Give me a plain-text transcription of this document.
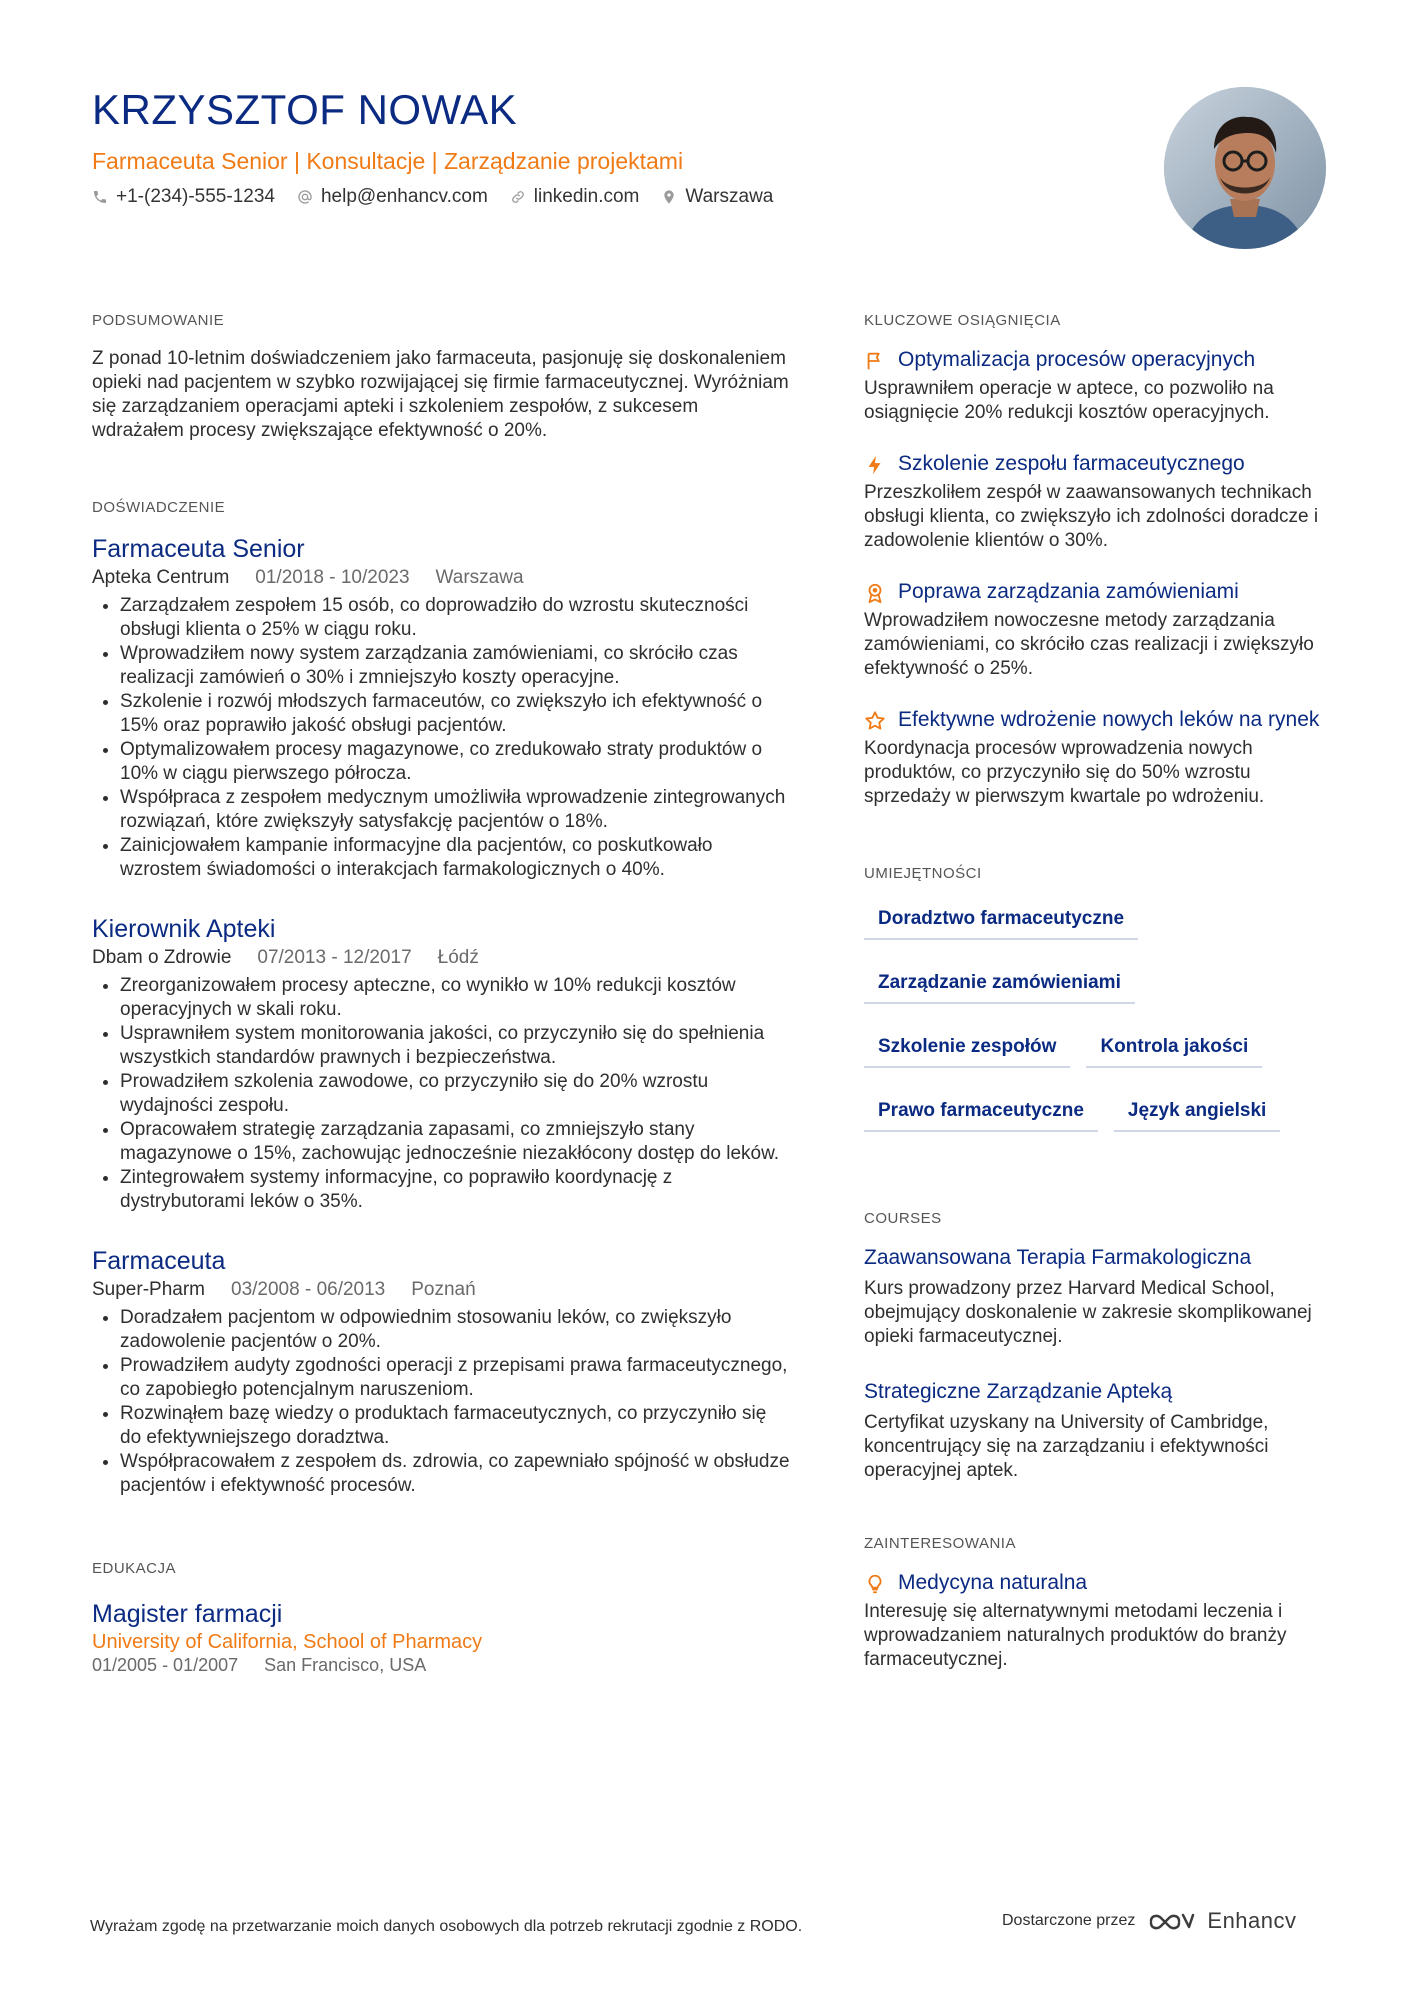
KRZYSZTOF NOWAK
Farmaceuta Senior | Konsultacje | Zarządzanie projektami
+1-(234)-555-1234 help@enhancv.com linkedin.com Warszawa
PODSUMOWANIE

Z ponad 10-letnim doświadczeniem jako farmaceuta, pasjonuję się doskonaleniem opieki nad pacjentem w szybko rozwijającej się firmie farmaceutycznej. Wyróżniam się zarządzaniem operacjami apteki i szkoleniem zespołów, z sukcesem wdrażałem procesy zwiększające efektywność o 20%.

DOŚWIADCZENIE
Farmaceuta Senior
Apteka Centrum 01/2018 - 10/2023 Warszawa
• Zarządzałem zespołem 15 osób, co doprowadziło do wzrostu skuteczności obsługi klienta o 25% w ciągu roku.
• Wprowadziłem nowy system zarządzania zamówieniami, co skróciło czas realizacji zamówień o 30% i zmniejszyło koszty operacyjne.
• Szkolenie i rozwój młodszych farmaceutów, co zwiększyło ich efektywność o 15% oraz poprawiło jakość obsługi pacjentów.
• Optymalizowałem procesy magazynowe, co zredukowało straty produktów o 10% w ciągu pierwszego półrocza.
• Współpraca z zespołem medycznym umożliwiła wprowadzenie zintegrowanych rozwiązań, które zwiększyły satysfakcję pacjentów o 18%.
• Zainicjowałem kampanie informacyjne dla pacjentów, co poskutkowało wzrostem świadomości o interakcjach farmakologicznych o 40%.
Kierownik Apteki
Dbam o Zdrowie 07/2013 - 12/2017 Łódź
• Zreorganizowałem procesy apteczne, co wynikło w 10% redukcji kosztów operacyjnych w skali roku.
• Usprawniłem system monitorowania jakości, co przyczyniło się do spełnienia wszystkich standardów prawnych i bezpieczeństwa.
• Prowadziłem szkolenia zawodowe, co przyczyniło się do 20% wzrostu wydajności zespołu.
• Opracowałem strategię zarządzania zapasami, co zmniejszyło stany magazynowe o 15%, zachowując jednocześnie niezakłócony dostęp do leków.
• Zintegrowałem systemy informacyjne, co poprawiło koordynację z dystrybutorami leków o 35%.
Farmaceuta
Super-Pharm 03/2008 - 06/2013 Poznań
• Doradzałem pacjentom w odpowiednim stosowaniu leków, co zwiększyło zadowolenie pacjentów o 20%.
• Prowadziłem audyty zgodności operacji z przepisami prawa farmaceutycznego, co zapobiegło potencjalnym naruszeniom.
• Rozwinąłem bazę wiedzy o produktach farmaceutycznych, co przyczyniło się do efektywniejszego doradztwa.
• Współpracowałem z zespołem ds. zdrowia, co zapewniało spójność w obsłudze pacjentów i efektywność procesów.
EDUKACJA
Magister farmacji
University of California, School of Pharmacy
01/2005 - 01/2007 San Francisco, USA
KLUCZOWE OSIĄGNIĘCIA
Optymalizacja procesów operacyjnych
Usprawniłem operacje w aptece, co pozwoliło na osiągnięcie 20% redukcji kosztów operacyjnych.
Szkolenie zespołu farmaceutycznego
Przeszkoliłem zespół w zaawansowanych technikach obsługi klienta, co zwiększyło ich zdolności doradcze i zadowolenie klientów o 30%.
Poprawa zarządzania zamówieniami
Wprowadziłem nowoczesne metody zarządzania zamówieniami, co skróciło czas realizacji i zwiększyło efektywność o 25%.
Efektywne wdrożenie nowych leków na rynek
Koordynacja procesów wprowadzenia nowych produktów, co przyczyniło się do 50% wzrostu sprzedaży w pierwszym kwartale po wdrożeniu.
UMIEJĘTNOŚCI
Doradztwo farmaceutyczne
Zarządzanie zamówieniami
Szkolenie zespołów	Kontrola jakości
Prawo farmaceutyczne	Język angielski
COURSES
Zaawansowana Terapia Farmakologiczna
Kurs prowadzony przez Harvard Medical School, obejmujący doskonalenie w zakresie skomplikowanej opieki farmaceutycznej.
Strategiczne Zarządzanie Apteką
Certyfikat uzyskany na University of Cambridge, koncentrujący się na zarządzaniu i efektywności operacyjnej aptek.
ZAINTERESOWANIA
Medycyna naturalna
Interesuję się alternatywnymi metodami leczenia i wprowadzaniem naturalnych produktów do branży farmaceutycznej.
Wyrażam zgodę na przetwarzanie moich danych osobowych dla potrzeb rekrutacji zgodnie z RODO.	Dostarczone przez	Enhancv
